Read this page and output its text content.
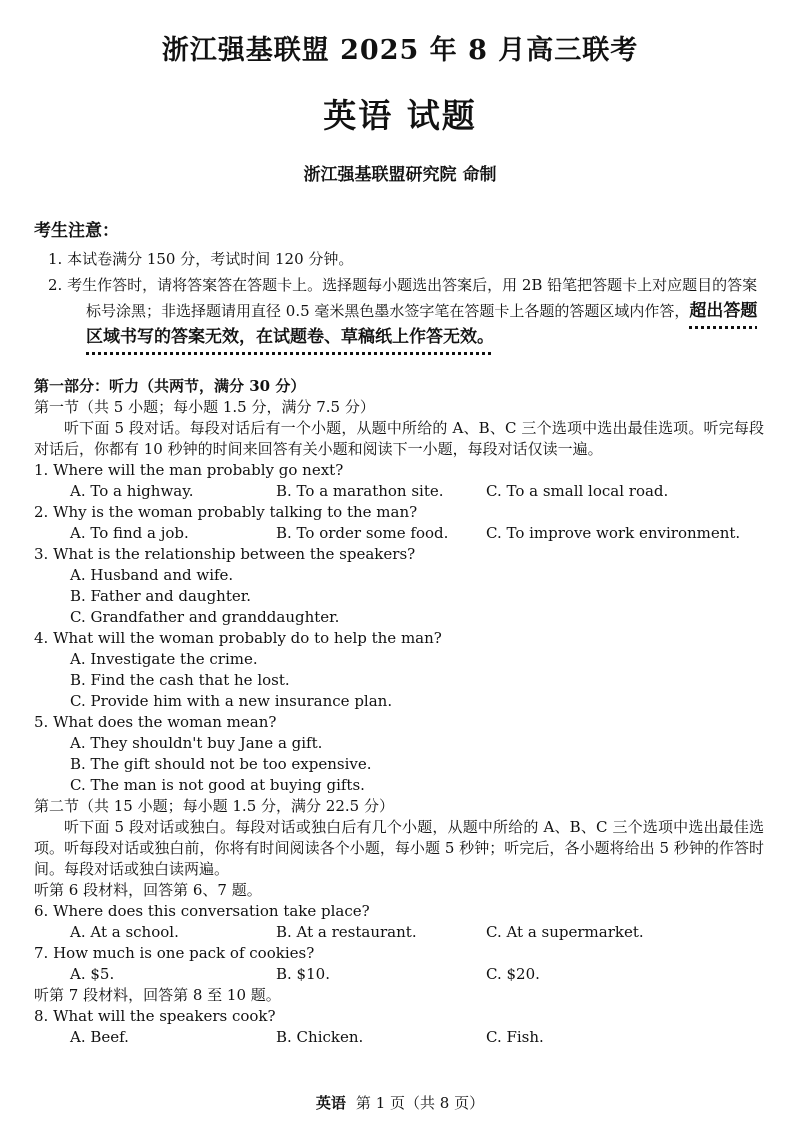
浙江强基联盟 2025 年 8 月高三联考
英语 试题
浙江强基联盟研究院 命制
考生注意：
1. 本试卷满分 150 分，考试时间 120 分钟。
2. 考生作答时，请将答案答在答题卡上。选择题每小题选出答案后，用 2B 铅笔把答题卡上对应题目的答案标号涂黑；非选择题请用直径 0.5 毫米黑色墨水签字笔在答题卡上各题的答题区域内作答，超出答题区域书写的答案无效，在试题卷、草稿纸上作答无效。
第一部分：听力（共两节，满分 30 分）
第一节（共 5 小题；每小题 1.5 分，满分 7.5 分）
听下面 5 段对话。每段对话后有一个小题，从题中所给的 A、B、C 三个选项中选出最佳选项。听完每段对话后，你都有 10 秒钟的时间来回答有关小题和阅读下一小题，每段对话仅读一遍。
1. Where will the man probably go next?
A. To a highway.	B. To a marathon site.	C. To a small local road.
2. Why is the woman probably talking to the man?
A. To find a job.	B. To order some food.	C. To improve work environment.
3. What is the relationship between the speakers?
A. Husband and wife.
B. Father and daughter.
C. Grandfather and granddaughter.
4. What will the woman probably do to help the man?
A. Investigate the crime.
B. Find the cash that he lost.
C. Provide him with a new insurance plan.
5. What does the woman mean?
A. They shouldn't buy Jane a gift.
B. The gift should not be too expensive.
C. The man is not good at buying gifts.
第二节（共 15 小题；每小题 1.5 分，满分 22.5 分）
听下面 5 段对话或独白。每段对话或独白后有几个小题，从题中所给的 A、B、C 三个选项中选出最佳选项。听每段对话或独白前，你将有时间阅读各个小题，每小题 5 秒钟；听完后，各小题将给出 5 秒钟的作答时间。每段对话或独白读两遍。
听第 6 段材料，回答第 6、7 题。
6. Where does this conversation take place?
A. At a school.	B. At a restaurant.	C. At a supermarket.
7. How much is one pack of cookies?
A. $5.	B. $10.	C. $20.
听第 7 段材料，回答第 8 至 10 题。
8. What will the speakers cook?
A. Beef.	B. Chicken.	C. Fish.
英语 第 1 页（共 8 页）
